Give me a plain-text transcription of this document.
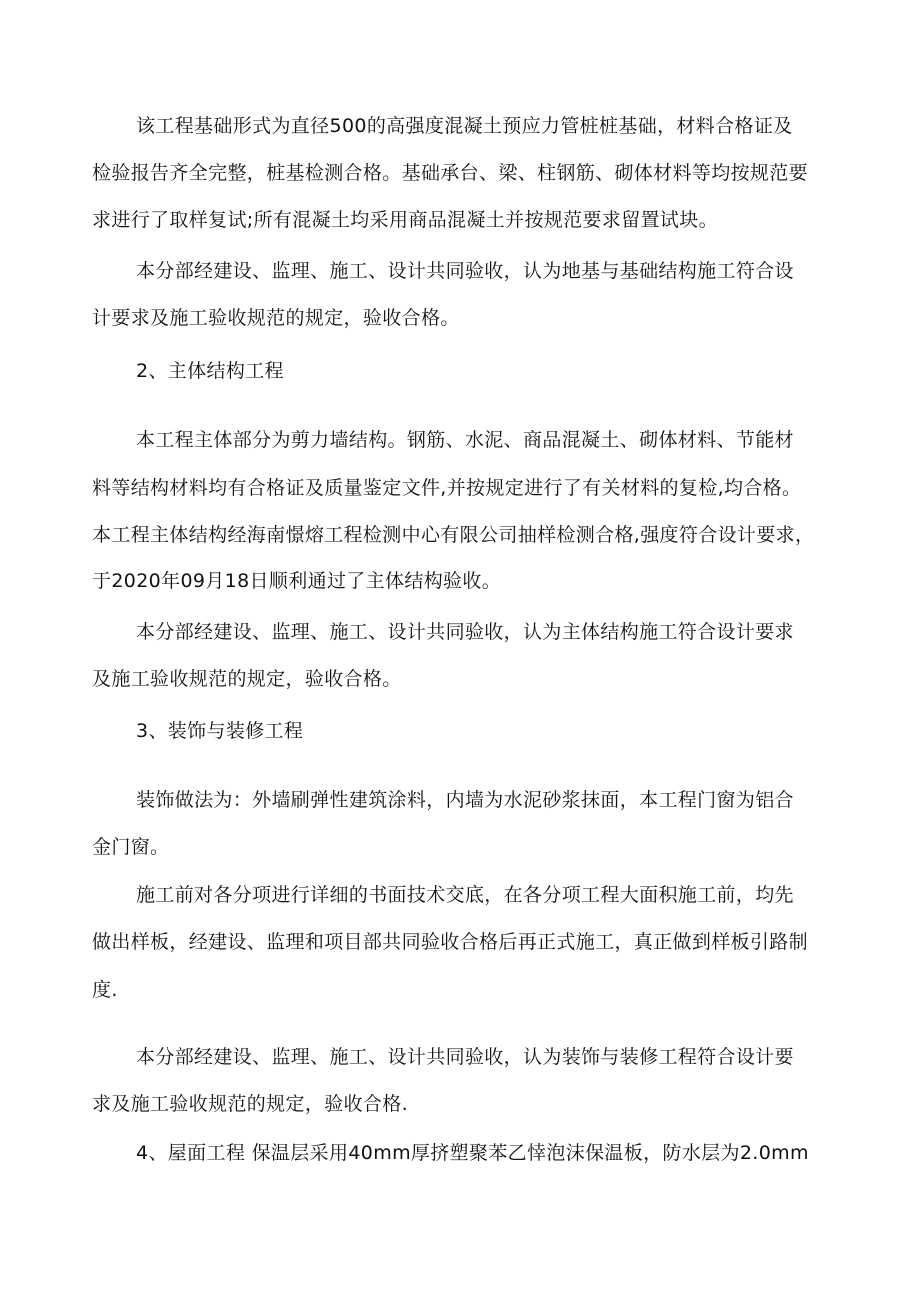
该工程基础形式为直径500的高强度混凝土预应力管桩桩基础，材料合格证及
检验报告齐全完整，桩基检测合格。基础承台、梁、柱钢筋、砌体材料等均按规范要
求进行了取样复试;所有混凝土均采用商品混凝土并按规范要求留置试块。
本分部经建设、监理、施工、设计共同验收，认为地基与基础结构施工符合设
计要求及施工验收规范的规定，验收合格。
2、主体结构工程
本工程主体部分为剪力墙结构。钢筋、水泥、商品混凝土、砌体材料、节能材
料等结构材料均有合格证及质量鉴定文件,并按规定进行了有关材料的复检,均合格。
本工程主体结构经海南憬熔工程检测中心有限公司抽样检测合格,强度符合设计要求，
于2020年09月18日顺利通过了主体结构验收。
本分部经建设、监理、施工、设计共同验收，认为主体结构施工符合设计要求
及施工验收规范的规定，验收合格。
3、装饰与装修工程
装饰做法为：外墙刷弹性建筑涂料，内墙为水泥砂浆抹面，本工程门窗为铝合
金门窗。
施工前对各分项进行详细的书面技术交底，在各分项工程大面积施工前，均先
做出样板，经建设、监理和项目部共同验收合格后再正式施工，真正做到样板引路制
度.
本分部经建设、监理、施工、设计共同验收，认为装饰与装修工程符合设计要
求及施工验收规范的规定，验收合格.
4、屋面工程 保温层采用40mm厚挤塑聚苯乙悻泡沫保温板，防水层为2.0mm
